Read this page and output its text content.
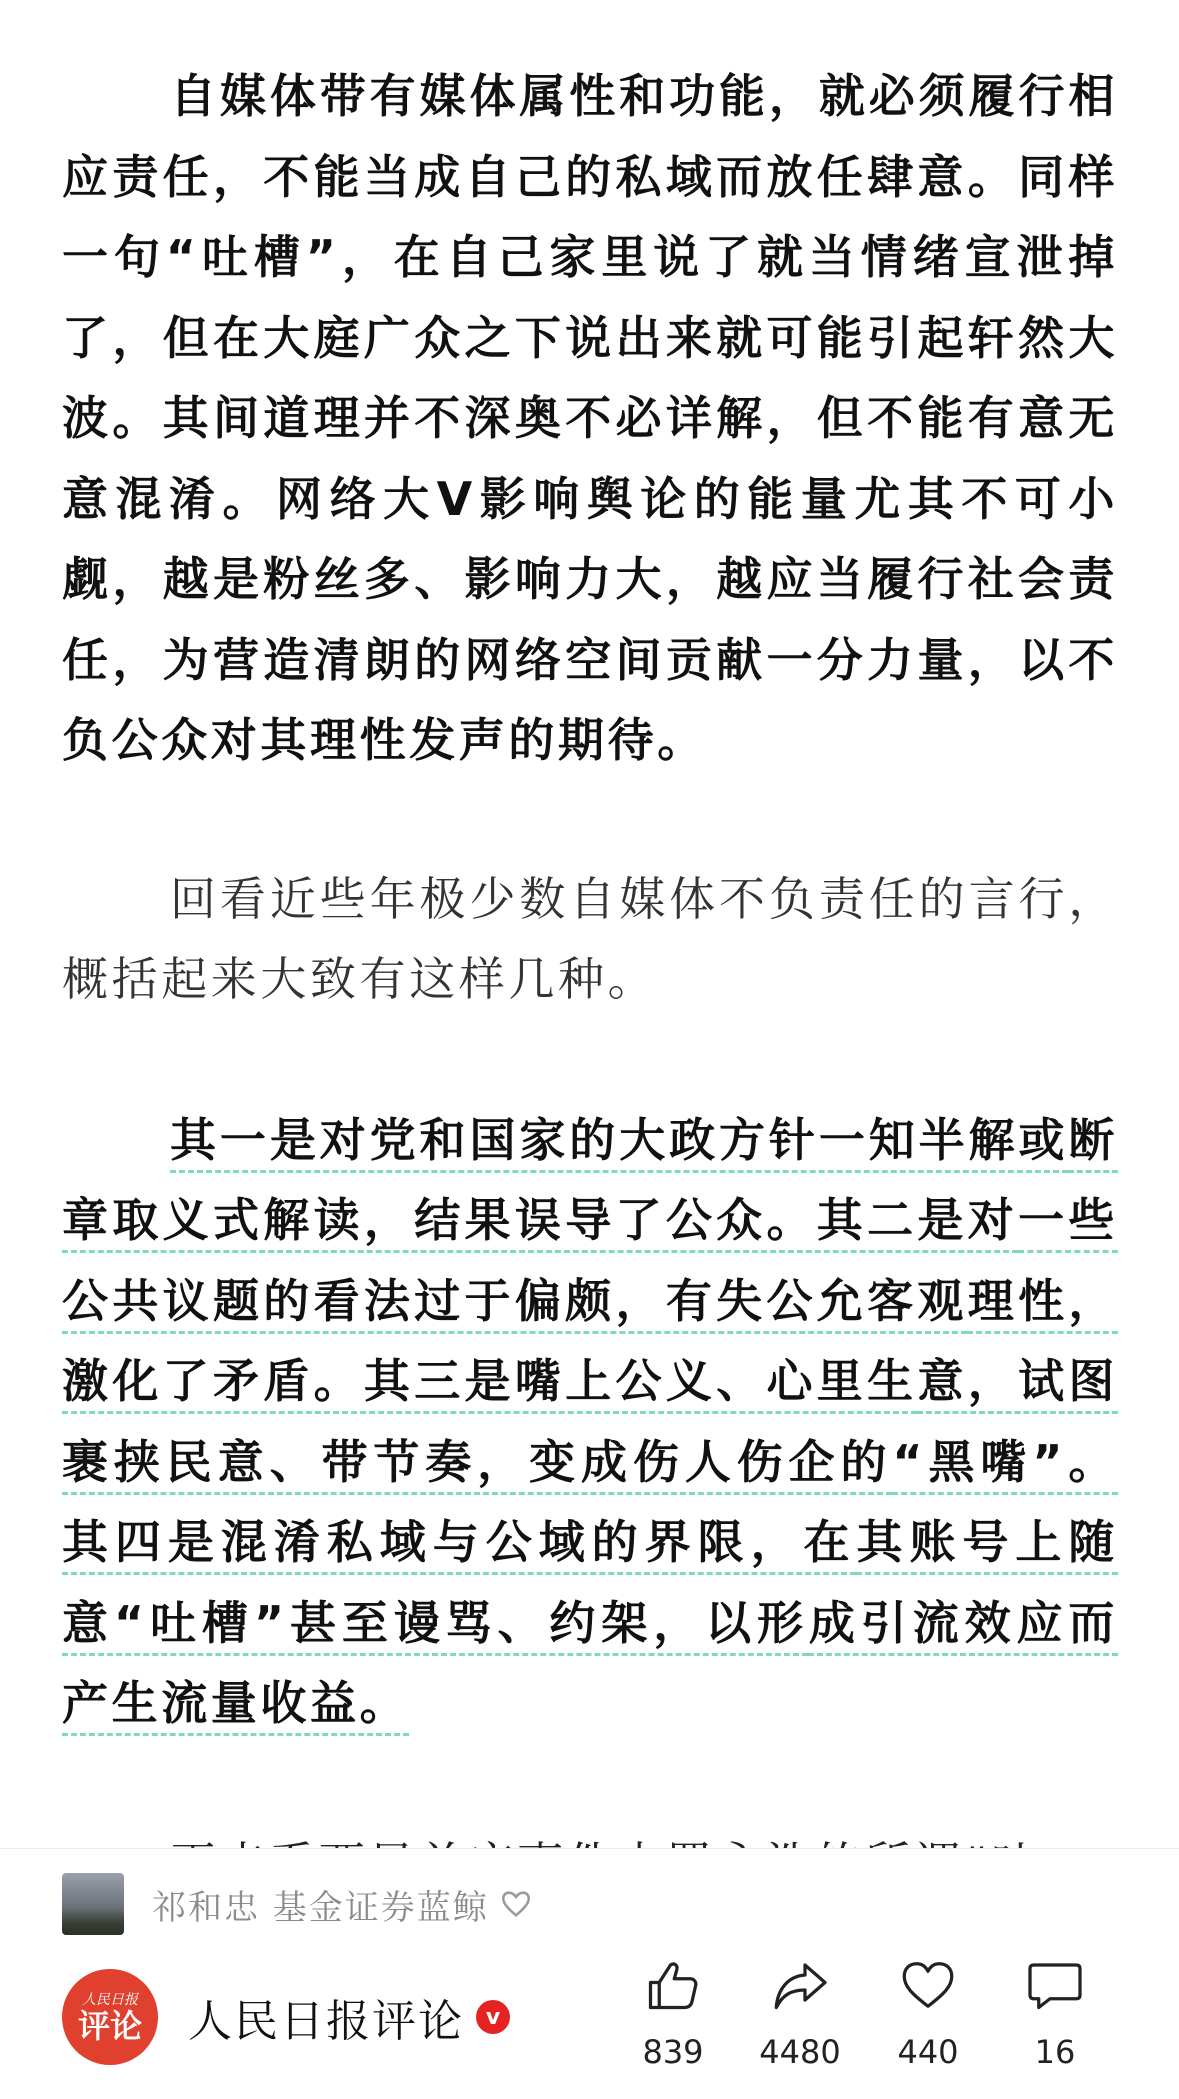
自媒体带有媒体属性和功能，就必须履行相应责任，不能当成自己的私域而放任肆意。同样一句“吐槽”，在自己家里说了就当情绪宣泄掉了，但在大庭广众之下说出来就可能引起轩然大波。其间道理并不深奥不必详解，但不能有意无意混淆。网络大V影响舆论的能量尤其不可小觑，越是粉丝多、影响力大，越应当履行社会责任，为营造清朗的网络空间贡献一分力量，以不负公众对其理性发声的期待。

回看近些年极少数自媒体不负责任的言行，概括起来大致有这样几种。

其一是对党和国家的大政方针一知半解或断章取义式解读，结果误导了公众。其二是对一些公共议题的看法过于偏颇，有失公允客观理性，激化了矛盾。其三是嘴上公义、心里生意，试图裹挟民意、带节奏，变成伤人伤企的“黑嘴”。其四是混淆私域与公域的界限，在其账号上随意“吐槽”甚至谩骂、约架，以形成引流效应而产生流量收益。

祁和忠 基金证券蓝鲸
人民日报
评论 人民日报评论 v
839	4480	440	16
